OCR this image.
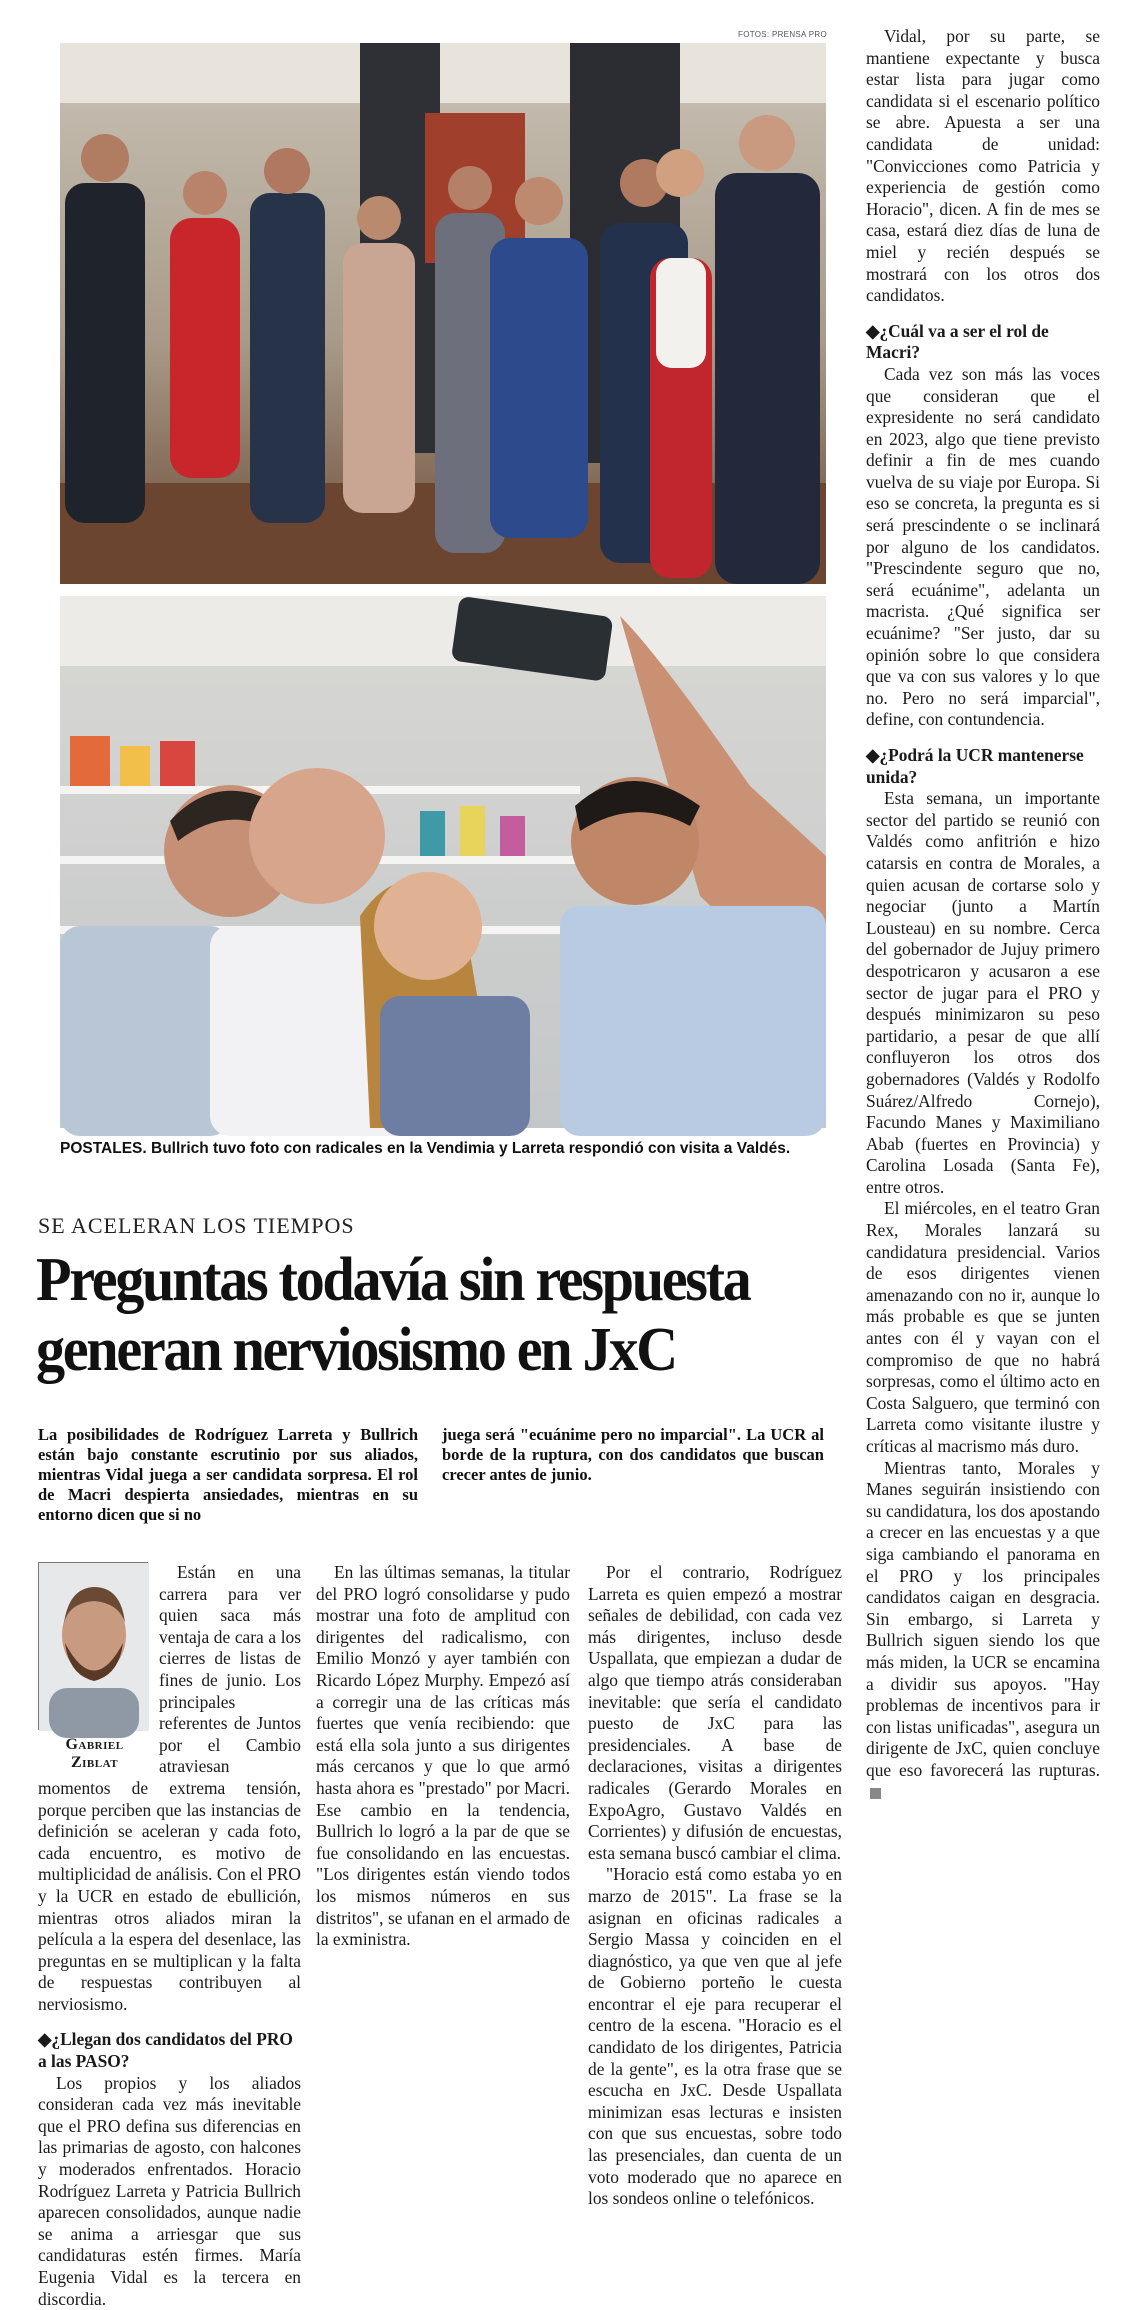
FOTOS: PRENSA PRO
POSTALES. Bullrich tuvo foto con radicales en la Vendimia y Larreta respondió con visita a Valdés.
SE ACELERAN LOS TIEMPOS
Preguntas todavía sin respuesta
generan nerviosismo en JxC
La posibilidades de Rodríguez Larreta y Bullrich están bajo constante escrutinio por sus aliados, mientras Vidal juega a ser candidata sorpresa. El rol de Macri despierta ansiedades, mientras en su entorno dicen que si no
juega será "ecuánime pero no imparcial". La UCR al borde de la ruptura, con dos candidatos que buscan crecer antes de junio.
Gabriel
Ziblat

Están en una carrera para ver quien saca más ventaja de cara a los cierres de listas de fines de junio. Los principales referentes de Juntos por el Cambio atraviesan momentos de extrema tensión, porque perciben que las instancias de definición se aceleran y cada foto, cada encuentro, es motivo de multiplicidad de análisis. Con el PRO y la UCR en estado de ebullición, mientras otros aliados miran la película a la espera del desenlace, las preguntas en se multiplican y la falta de respuestas contribuyen al nerviosismo.

◆¿Llegan dos candidatos del PRO a las PASO?

Los propios y los aliados consideran cada vez más inevitable que el PRO defina sus diferencias en las primarias de agosto, con halcones y moderados enfrentados. Horacio Rodríguez Larreta y Patricia Bullrich aparecen consolidados, aunque nadie se anima a arriesgar que sus candidaturas estén firmes. María Eugenia Vidal es la tercera en discordia.

En las últimas semanas, la titular del PRO logró consolidarse y pudo mostrar una foto de amplitud con dirigentes del radicalismo, con Emilio Monzó y ayer también con Ricardo López Murphy. Empezó así a corregir una de las críticas más fuertes que venía recibiendo: que está ella sola junto a sus dirigentes más cercanos y que lo que armó hasta ahora es "prestado" por Macri. Ese cambio en la tendencia, Bullrich lo logró a la par de que se fue consolidando en las encuestas. "Los dirigentes están viendo todos los mismos números en sus distritos", se ufanan en el armado de la exministra.

Por el contrario, Rodríguez Larreta es quien empezó a mostrar señales de debilidad, con cada vez más dirigentes, incluso desde Uspallata, que empiezan a dudar de algo que tiempo atrás consideraban inevitable: que sería el candidato puesto de JxC para las presidenciales. A base de declaraciones, visitas a dirigentes radicales (Gerardo Morales en ExpoAgro, Gustavo Valdés en Corrientes) y difusión de encuestas, esta semana buscó cambiar el clima.

"Horacio está como estaba yo en marzo de 2015". La frase se la asignan en oficinas radicales a Sergio Massa y coinciden en el diagnóstico, ya que ven que al jefe de Gobierno porteño le cuesta encontrar el eje para recuperar el centro de la escena. "Horacio es el candidato de los dirigentes, Patricia de la gente", es la otra frase que se escucha en JxC. Desde Uspallata minimizan esas lecturas e insisten con que sus encuestas, sobre todo las presenciales, dan cuenta de un voto moderado que no aparece en los sondeos online o telefónicos.

Vidal, por su parte, se mantiene expectante y busca estar lista para jugar como candidata si el escenario político se abre. Apuesta a ser una candidata de unidad: "Convicciones como Patricia y experiencia de gestión como Horacio", dicen. A fin de mes se casa, estará diez días de luna de miel y recién después se mostrará con los otros dos candidatos.

◆¿Cuál va a ser el rol de Macri?

Cada vez son más las voces que consideran que el expresidente no será candidato en 2023, algo que tiene previsto definir a fin de mes cuando vuelva de su viaje por Europa. Si eso se concreta, la pregunta es si será prescindente o se inclinará por alguno de los candidatos. "Prescindente seguro que no, será ecuánime", adelanta un macrista. ¿Qué significa ser ecuánime? "Ser justo, dar su opinión sobre lo que considera que va con sus valores y lo que no. Pero no será imparcial", define, con contundencia.

◆¿Podrá la UCR mantenerse unida?

Esta semana, un importante sector del partido se reunió con Valdés como anfitrión e hizo catarsis en contra de Morales, a quien acusan de cortarse solo y negociar (junto a Martín Lousteau) en su nombre. Cerca del gobernador de Jujuy primero despotricaron y acusaron a ese sector de jugar para el PRO y después minimizaron su peso partidario, a pesar de que allí confluyeron los otros dos gobernadores (Valdés y Rodolfo Suárez/Alfredo Cornejo), Facundo Manes y Maximiliano Abab (fuertes en Provincia) y Carolina Losada (Santa Fe), entre otros.

El miércoles, en el teatro Gran Rex, Morales lanzará su candidatura presidencial. Varios de esos dirigentes vienen amenazando con no ir, aunque lo más probable es que se junten antes con él y vayan con el compromiso de que no habrá sorpresas, como el último acto en Costa Salguero, que terminó con Larreta como visitante ilustre y críticas al macrismo más duro.

Mientras tanto, Morales y Manes seguirán insistiendo con su candidatura, los dos apostando a crecer en las encuestas y a que siga cambiando el panorama en el PRO y los principales candidatos caigan en desgracia. Sin embargo, si Larreta y Bullrich siguen siendo los que más miden, la UCR se encamina a dividir sus apoyos. "Hay problemas de incentivos para ir con listas unificadas", asegura un dirigente de JxC, quien concluye que eso favorecerá las rupturas.
